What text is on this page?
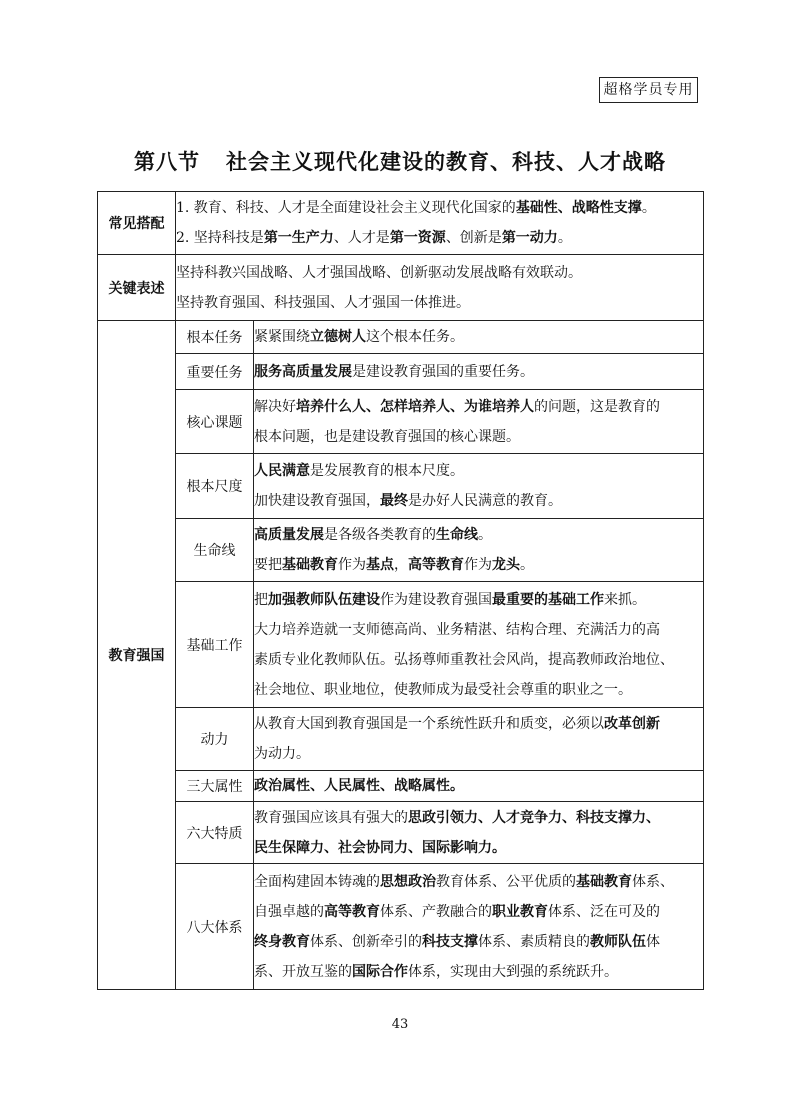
超格学员专用
第八节 社会主义现代化建设的教育、科技、人才战略
常见搭配	1. 教育、科技、人才是全面建设社会主义现代化国家的基础性、战略性支撑。
2. 坚持科技是第一生产力、人才是第一资源、创新是第一动力。	

关键表述	坚持科教兴国战略、人才强国战略、创新驱动发展战略有效联动。
坚持教育强国、科技强国、人才强国一体推进。	

教育强国	根本任务	紧紧围绕立德树人这个根本任务。
	重要任务	服务高质量发展是建设教育强国的重要任务。
	核心课题	解决好培养什么人、怎样培养人、为谁培养人的问题，这是教育的
根本问题，也是建设教育强国的核心课题。

	根本尺度	人民满意是发展教育的根本尺度。
加快建设教育强国，最终是办好人民满意的教育。

	生命线	高质量发展是各级各类教育的生命线。
要把基础教育作为基点，高等教育作为龙头。

	基础工作	把加强教师队伍建设作为建设教育强国最重要的基础工作来抓。
大力培养造就一支师德高尚、业务精湛、结构合理、充满活力的高
素质专业化教师队伍。弘扬尊师重教社会风尚，提高教师政治地位、
社会地位、职业地位，使教师成为最受社会尊重的职业之一。

	动力	从教育大国到教育强国是一个系统性跃升和质变，必须以改革创新
为动力。

	三大属性	政治属性、人民属性、战略属性。
	六大特质	教育强国应该具有强大的思政引领力、人才竞争力、科技支撑力、
民生保障力、社会协同力、国际影响力。

	八大体系	全面构建固本铸魂的思想政治教育体系、公平优质的基础教育体系、
自强卓越的高等教育体系、产教融合的职业教育体系、泛在可及的
终身教育体系、创新牵引的科技支撑体系、素质精良的教师队伍体
系、开放互鉴的国际合作体系，实现由大到强的系统跃升。
43
